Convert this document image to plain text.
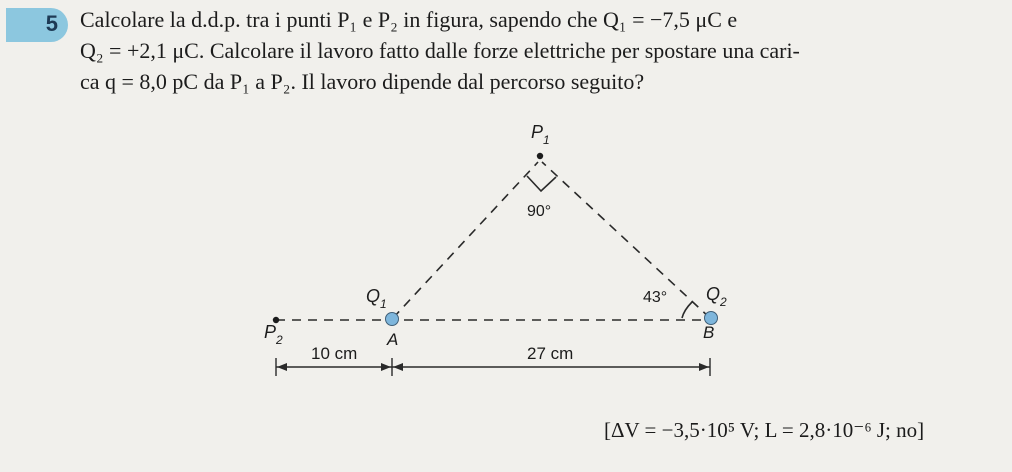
5 Calcolare la d.d.p. tra i punti P₁ e P₂ in figura, sapendo che Q₁ = −7,5 μC e
Q₂ = +2,1 μC. Calcolare il lavoro fatto dalle forze elettriche per spostare una cari-
ca q = 8,0 pC da P₁ a P₂. Il lavoro dipende dal percorso seguito?

$P_1$
$P_2$
$Q_1$	$Q_2$
A	B
90°
43°
10 cm	27 cm
[ΔV = −3,5·10⁵ V; L = 2,8·10⁻⁶ J; no]
